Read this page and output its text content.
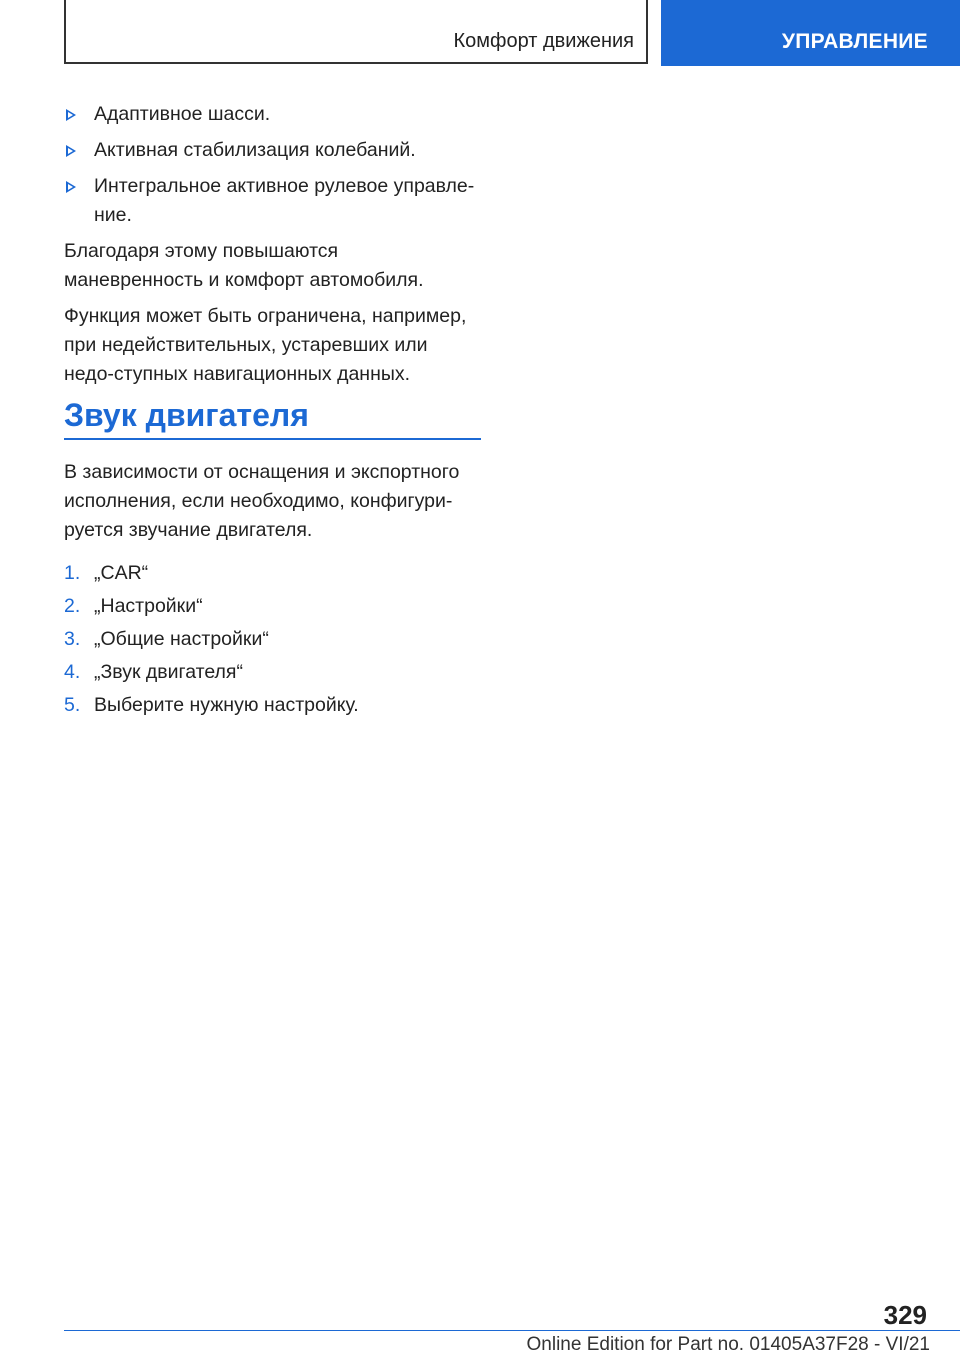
Комфорт движения	УПРАВЛЕНИЕ
Адаптивное шасси.
Активная стабилизация колебаний.
Интегральное активное рулевое управле-ние.

Благодаря этому повышаются маневренность и комфорт автомобиля.

Функция может быть ограничена, например, при недействительных, устаревших или недо-ступных навигационных данных.

Звук двигателя

В зависимости от оснащения и экспортного исполнения, если необходимо, конфигури-руется звучание двигателя.

1. „CAR“
2. „Настройки“
3. „Общие настройки“
4. „Звук двигателя“
5. Выберите нужную настройку.
329
Online Edition for Part no. 01405A37F28 - VI/21
